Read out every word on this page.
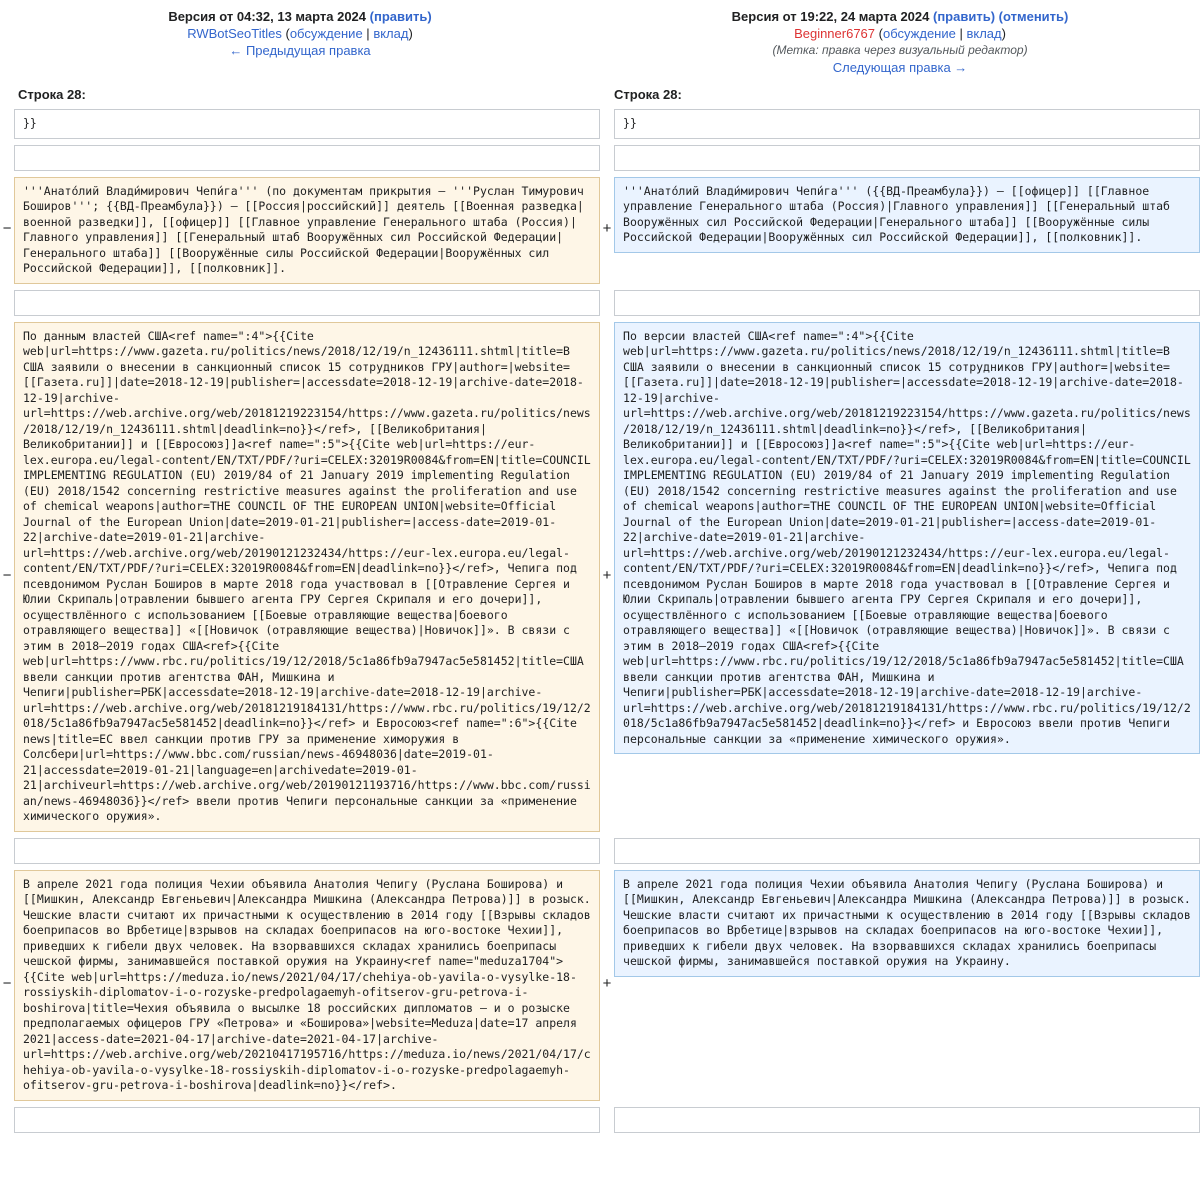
Версия от 04:32, 13 марта 2024 (править)
RWBotSeoTitles (обсуждение | вклад)
← Предыдущая правка

Версия от 19:22, 24 марта 2024 (править) (отменить)
Beginner6767 (обсуждение | вклад)
(Метка: правка через визуальный редактор)
Следующая правка →

Строка 28:		Строка 28:	

	}}		}}

−	
'''Анато́лий Влади́мирович Чепи́га''' (по документам прикрытия — '''Руслан Тимурович Боширов'''; {{ВД-Преамбула}}) — [[Россия|российский]] деятель [[Военная разведка|военной разведки]], [[офицер]] [[Главное управление Генерального штаба (Россия)|Главного управления]] [[Генеральный штаб Вооружённых сил Российской Федерации|Генерального штаба]] [[Вооружённые силы Российской Федерации|Вооружённых сил Российской Федерации]], [[полковник]].
	+	
'''Анато́лий Влади́мирович Чепи́га''' ({{ВД-Преамбула}}) — [[офицер]] [[Главное управление Генерального штаба (Россия)|Главного управления]] [[Генеральный штаб Вооружённых сил Российской Федерации|Генерального штаба]] [[Вооружённые силы Российской Федерации|Вооружённых сил Российской Федерации]], [[полковник]].

−	
По данным властей США<ref name=":4">{{Cite web|url=https://www.gazeta.ru/politics/news/2018/12/19/n_12436111.shtml|title=В США заявили о внесении в санкционный список 15 сотрудников ГРУ|author=|website=[[Газета.ru]]|date=2018-12-19|publisher=|accessdate=2018-12-19|archive-date=2018-12-19|archive-url=https://web.archive.org/web/20181219223154/https://www.gazeta.ru/politics/news/2018/12/19/n_12436111.shtml|deadlink=no}}</ref>, [[Великобритания|Великобритании]] и [[Евросоюз]]а<ref name=":5">{{Cite web|url=https://eur-lex.europa.eu/legal-content/EN/TXT/PDF/?uri=CELEX:32019R0084&from=EN|title=COUNCIL IMPLEMENTING REGULATION (EU) 2019/84 of 21 January 2019 implementing Regulation (EU) 2018/1542 concerning restrictive measures against the proliferation and use of chemical weapons|author=THE COUNCIL OF THE EUROPEAN UNION|website=Official Journal of the European Union|date=2019-01-21|publisher=|access-date=2019-01-22|archive-date=2019-01-21|archive-url=https://web.archive.org/web/20190121232434/https://eur-lex.europa.eu/legal-content/EN/TXT/PDF/?uri=CELEX:32019R0084&from=EN|deadlink=no}}</ref>, Чепига под псевдонимом Руслан Боширов в марте 2018 года участвовал в [[Отравление Сергея и Юлии Скрипаль|отравлении бывшего агента ГРУ Сергея Скрипаля и его дочери]], осуществлённого с использованием [[Боевые отравляющие вещества|боевого отравляющего вещества]] «[[Новичок (отравляющие вещества)|Новичок]]». В связи с этим в 2018—2019 годах США<ref>{{Cite web|url=https://www.rbc.ru/politics/19/12/2018/5c1a86fb9a7947ac5e581452|title=США ввели санкции против агентства ФАН, Мишкина и Чепиги|publisher=РБК|accessdate=2018-12-19|archive-date=2018-12-19|archive-url=https://web.archive.org/web/20181219184131/https://www.rbc.ru/politics/19/12/2018/5c1a86fb9a7947ac5e581452|deadlink=no}}</ref> и Евросоюз<ref name=":6">{{Cite news|title=ЕС ввел санкции против ГРУ за применение химоружия в Солсбери|url=https://www.bbc.com/russian/news-46948036|date=2019-01-21|accessdate=2019-01-21|language=en|archivedate=2019-01-21|archiveurl=https://web.archive.org/web/20190121193716/https://www.bbc.com/russian/news-46948036}}</ref> ввели против Чепиги персональные санкции за «применение химического оружия».
	+	
По версии властей США<ref name=":4">{{Cite web|url=https://www.gazeta.ru/politics/news/2018/12/19/n_12436111.shtml|title=В США заявили о внесении в санкционный список 15 сотрудников ГРУ|author=|website=[[Газета.ru]]|date=2018-12-19|publisher=|accessdate=2018-12-19|archive-date=2018-12-19|archive-url=https://web.archive.org/web/20181219223154/https://www.gazeta.ru/politics/news/2018/12/19/n_12436111.shtml|deadlink=no}}</ref>, [[Великобритания|Великобритании]] и [[Евросоюз]]а<ref name=":5">{{Cite web|url=https://eur-lex.europa.eu/legal-content/EN/TXT/PDF/?uri=CELEX:32019R0084&from=EN|title=COUNCIL IMPLEMENTING REGULATION (EU) 2019/84 of 21 January 2019 implementing Regulation (EU) 2018/1542 concerning restrictive measures against the proliferation and use of chemical weapons|author=THE COUNCIL OF THE EUROPEAN UNION|website=Official Journal of the European Union|date=2019-01-21|publisher=|access-date=2019-01-22|archive-date=2019-01-21|archive-url=https://web.archive.org/web/20190121232434/https://eur-lex.europa.eu/legal-content/EN/TXT/PDF/?uri=CELEX:32019R0084&from=EN|deadlink=no}}</ref>, Чепига под псевдонимом Руслан Боширов в марте 2018 года участвовал в [[Отравление Сергея и Юлии Скрипаль|отравлении бывшего агента ГРУ Сергея Скрипаля и его дочери]], осуществлённого с использованием [[Боевые отравляющие вещества|боевого отравляющего вещества]] «[[Новичок (отравляющие вещества)|Новичок]]». В связи с этим в 2018—2019 годах США<ref>{{Cite web|url=https://www.rbc.ru/politics/19/12/2018/5c1a86fb9a7947ac5e581452|title=США ввели санкции против агентства ФАН, Мишкина и Чепиги|publisher=РБК|accessdate=2018-12-19|archive-date=2018-12-19|archive-url=https://web.archive.org/web/20181219184131/https://www.rbc.ru/politics/19/12/2018/5c1a86fb9a7947ac5e581452|deadlink=no}}</ref> и Евросоюз ввели против Чепиги персональные санкции за «применение химического оружия».

−	
В апреле 2021 года полиция Чехии объявила Анатолия Чепигу (Руслана Боширова) и [[Мишкин, Александр Евгеньевич|Александра Мишкина (Александра Петрова)]] в розыск. Чешские власти считают их причастными к осуществлению в 2014 году [[Взрывы складов боеприпасов во Врбетице|взрывов на складах боеприпасов на юго-востоке Чехии]], приведших к гибели двух человек. На взорвавшихся складах хранились боеприпасы чешской фирмы, занимавшейся поставкой оружия на Украину<ref name="meduza1704">{{Cite web|url=https://meduza.io/news/2021/04/17/chehiya-ob-yavila-o-vysylke-18-rossiyskih-diplomatov-i-o-rozyske-predpolagaemyh-ofitserov-gru-petrova-i-boshirova|title=Чехия объявила о высылке 18 российских дипломатов — и о розыске предполагаемых офицеров ГРУ «Петрова» и «Боширова»|website=Meduza|date=17 апреля 2021|access-date=2021-04-17|archive-date=2021-04-17|archive-url=https://web.archive.org/web/20210417195716/https://meduza.io/news/2021/04/17/chehiya-ob-yavila-o-vysylke-18-rossiyskih-diplomatov-i-o-rozyske-predpolagaemyh-ofitserov-gru-petrova-i-boshirova|deadlink=no}}</ref>.
	+	
В апреле 2021 года полиция Чехии объявила Анатолия Чепигу (Руслана Боширова) и [[Мишкин, Александр Евгеньевич|Александра Мишкина (Александра Петрова)]] в розыск. Чешские власти считают их причастными к осуществлению в 2014 году [[Взрывы складов боеприпасов во Врбетице|взрывов на складах боеприпасов на юго-востоке Чехии]], приведших к гибели двух человек. На взорвавшихся складах хранились боеприпасы чешской фирмы, занимавшейся поставкой оружия на Украину.
